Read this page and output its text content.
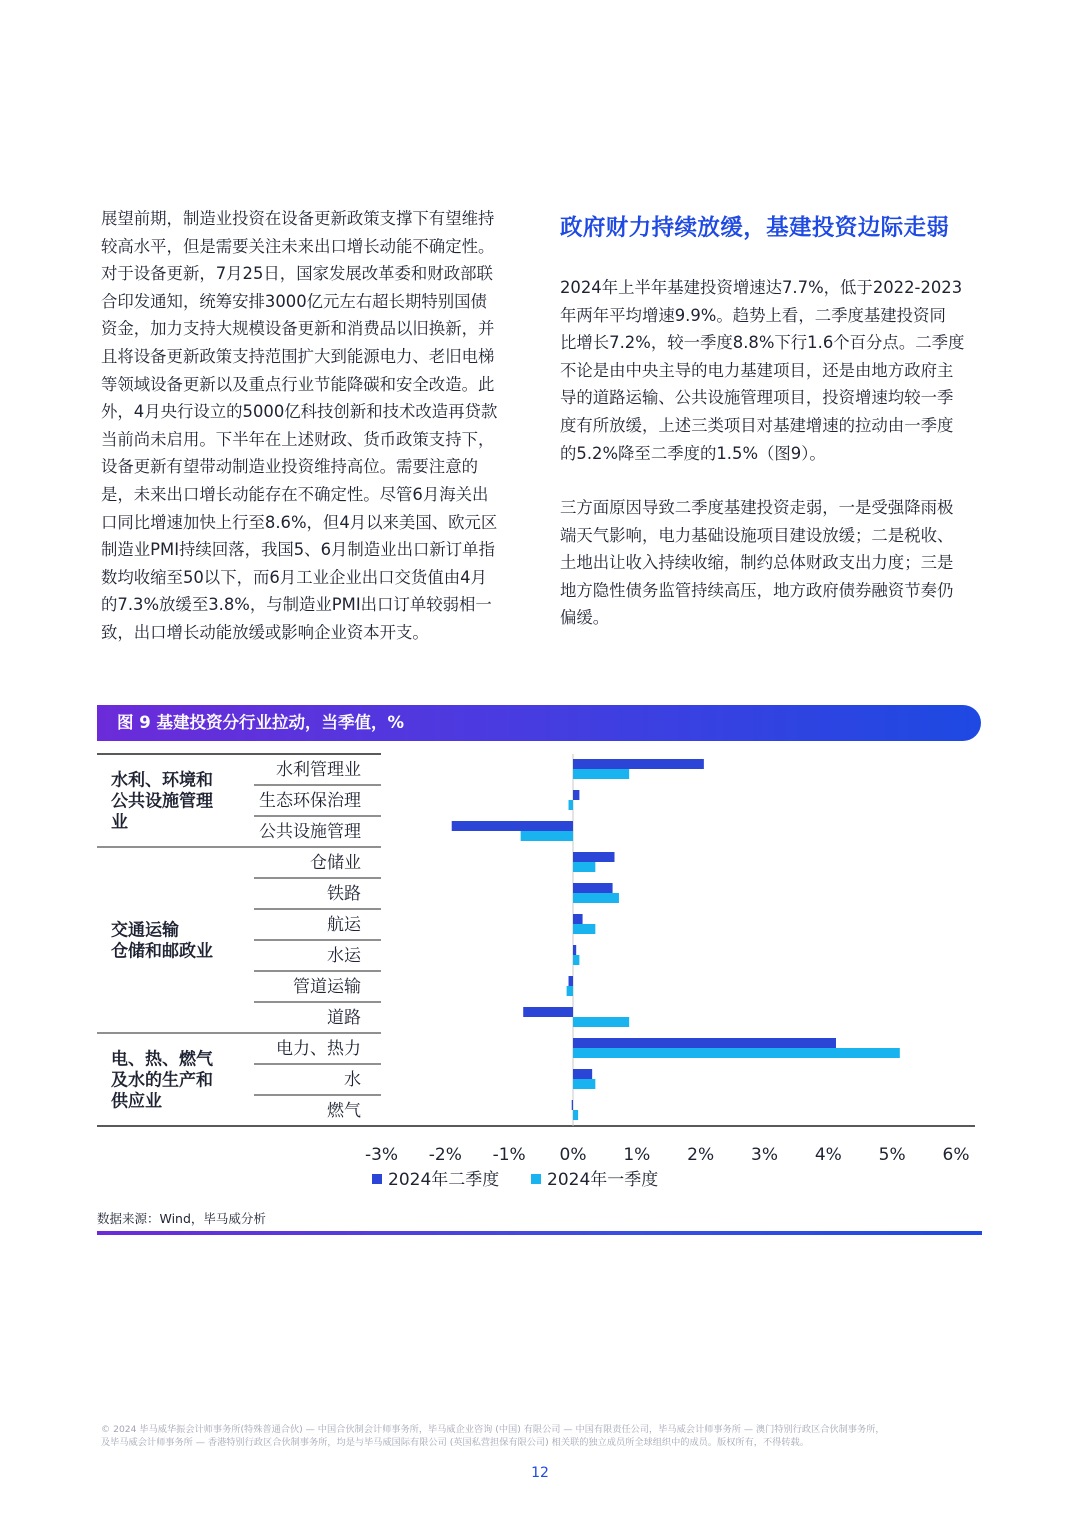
展望前期，制造业投资在设备更新政策支撑下有望维持

较高水平，但是需要关注未来出口增长动能不确定性。

对于设备更新，7月25日，国家发展改革委和财政部联

合印发通知，统筹安排3000亿元左右超长期特别国债

资金，加力支持大规模设备更新和消费品以旧换新，并

且将设备更新政策支持范围扩大到能源电力、老旧电梯

等领域设备更新以及重点行业节能降碳和安全改造。此

外，4月央行设立的5000亿科技创新和技术改造再贷款

当前尚未启用。下半年在上述财政、货币政策支持下，

设备更新有望带动制造业投资维持高位。需要注意的

是，未来出口增长动能存在不确定性。尽管6月海关出

口同比增速加快上行至8.6%，但4月以来美国、欧元区

制造业PMI持续回落，我国5、6月制造业出口新订单指

数均收缩至50以下，而6月工业企业出口交货值由4月

的7.3%放缓至3.8%，与制造业PMI出口订单较弱相一

致，出口增长动能放缓或影响企业资本开支。

政府财力持续放缓，基建投资边际走弱

2024年上半年基建投资增速达7.7%，低于2022-2023

年两年平均增速9.9%。趋势上看，二季度基建投资同

比增长7.2%，较一季度8.8%下行1.6个百分点。二季度

不论是由中央主导的电力基建项目，还是由地方政府主

导的道路运输、公共设施管理项目，投资增速均较一季

度有所放缓，上述三类项目对基建增速的拉动由一季度

的5.2%降至二季度的1.5%（图9）。

三方面原因导致二季度基建投资走弱，一是受强降雨极

端天气影响，电力基础设施项目建设放缓；二是税收、

土地出让收入持续收缩，制约总体财政支出力度；三是

地方隐性债务监管持续高压，地方政府债券融资节奏仍

偏缓。

图 9 基建投资分行业拉动，当季值，%
水利、环境和
公共设施管理
业
交通运输
仓储和邮政业
电、热、燃气
及水的生产和
供应业
水利管理业
生态环保治理
公共设施管理
仓储业
铁路
航运
水运
管道运输
道路
电力、热力
水
燃气
-3% -2% -1% 0% 1% 2% 3% 4% 5% 6%
2024年二季度	2024年一季度
数据来源：Wind，毕马威分析
© 2024 毕马威华振会计师事务所(特殊普通合伙) — 中国合伙制会计师事务所，毕马威企业咨询 (中国) 有限公司 — 中国有限责任公司，毕马威会计师事务所 — 澳门特别行政区合伙制事务所，
及毕马威会计师事务所 — 香港特别行政区合伙制事务所，均是与毕马威国际有限公司 (英国私营担保有限公司) 相关联的独立成员所全球组织中的成员。版权所有，不得转载。
12
